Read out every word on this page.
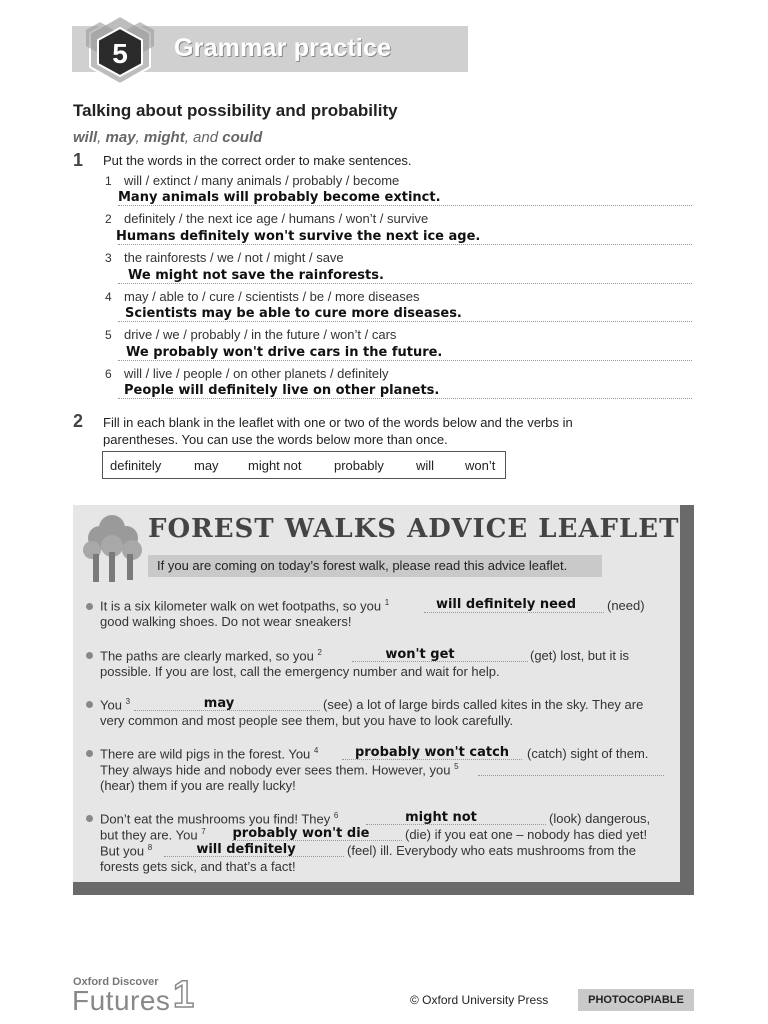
5 Grammar practice
Talking about possibility and probability
will, may, might, and could
1 Put the words in the correct order to make sentences.
1 will / extinct / many animals / probably / become
Many animals will probably become extinct.
2 definitely / the next ice age / humans / won’t / survive
Humans definitely won't survive the next ice age.
3 the rainforests / we / not / might / save
We might not save the rainforests.
4 may / able to / cure / scientists / be / more diseases
Scientists may be able to cure more diseases.
5 drive / we / probably / in the future / won’t / cars
We probably won't drive cars in the future.
6 will / live / people / on other planets / definitely
People will definitely live on other planets.
2 Fill in each blank in the leaflet with one or two of the words below and the verbs in
parentheses. You can use the words below more than once.
definitely	may might not	probably will won’t
FOREST WALKS ADVICE LEAFLET
If you are coming on today’s forest walk, please read this advice leaflet.
It is a six kilometer walk on wet footpaths, so you $^1$	will definitely need	(need)
good walking shoes. Do not wear sneakers!
The paths are clearly marked, so you $^2$	won't get	(get) lost, but it is
possible. If you are lost, call the emergency number and wait for help.
You $^3$	may	(see) a lot of large birds called kites in the sky. They are
very common and most people see them, but you have to look carefully.
There are wild pigs in the forest. You $^4$	probably won't catch	(catch) sight of them.
They always hide and nobody ever sees them. However, you $^5$
(hear) them if you are really lucky!
Don’t eat the mushrooms you find! They $^6$	might not	(look) dangerous,
but they are. You $^7$ probably won't die	(die) if you eat one – nobody has died yet!
But you $^8$	will definitely	(feel) ill. Everybody who eats mushrooms from the
forests gets sick, and that’s a fact!
Oxford Discover
Futures 1	© Oxford University Press	PHOTOCOPIABLE
